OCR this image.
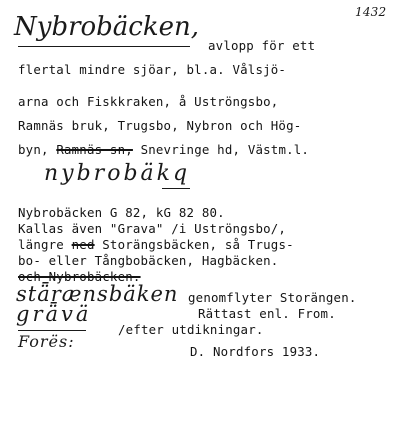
1432
Nybrobäcken,
avlopp för ett
flertal mindre sjöar, bl.a. Vålsjö-
arna och Fiskkraken, å Uströngsbo,
Ramnäs bruk, Trugsbo, Nybron och Hög-
byn, Ramnäs sn, Snevringe hd, Västm.l.
nybrobäkq
Nybrobäcken G 82, kG 82 80.
Kallas även "Grava" /i Uströngsbo/,
längre ned Storängsbäcken, så Trugs-
bo- eller Tångbobäcken, Hagbäcken.
och Nybrobäcken.
stǟrænsbäken genomflyter Storängen.
Rättast enl. From.
grǟvä
/efter utdikningar.
Forës:
D. Nordfors 1933.
